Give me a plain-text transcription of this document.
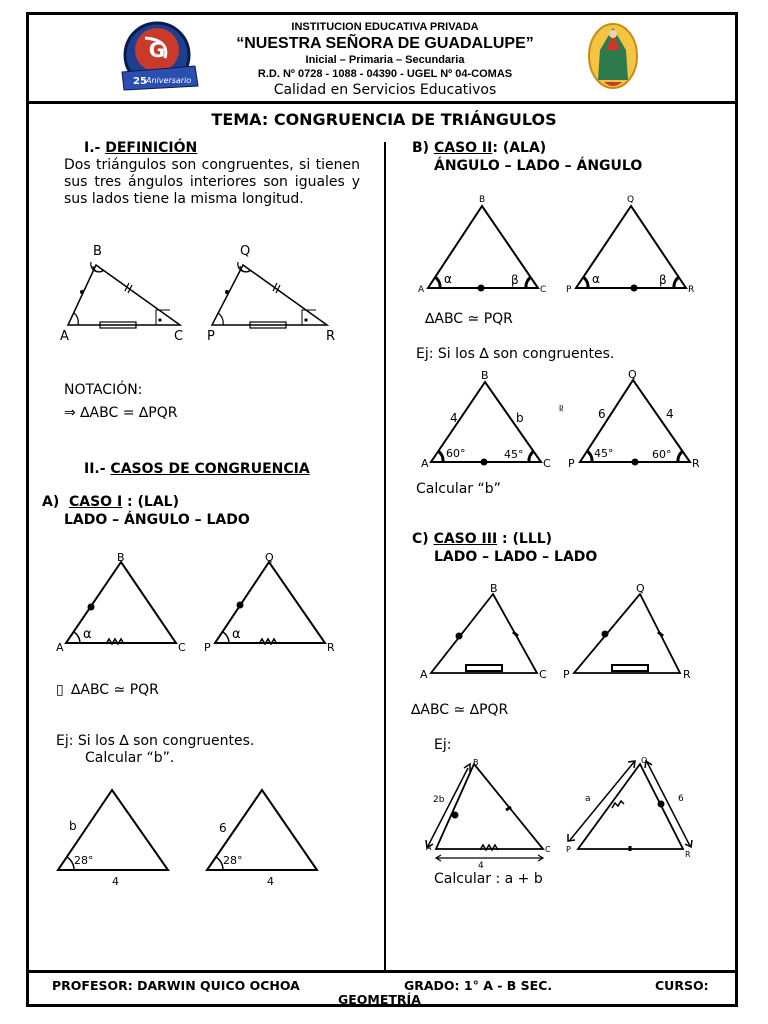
INSTITUCION EDUCATIVA PRIVADA
“NUESTRA SEÑORA DE GUADALUPE”
Inicial – Primaria – Secundaria
R.D. Nº 0728 - 1088 - 04390 - UGEL Nº 04-COMAS
Calidad en Servicios Educativos
G
25 Aniversario
TEMA: CONGRUENCIA DE TRIÁNGULOS
I.- DEFINICIÓN
Dos triángulos son congruentes, si tienen sus tres ángulos interiores son iguales y sus lados tiene la misma longitud.
NOTACIÓN:
⇒ ∆ABC = ∆PQR
II.- CASOS DE CONGRUENCIA
A) CASO I : (LAL)
LADO – ÁNGULO – LADO
▯ ∆ABC ≃ PQR
Ej: Si los ∆ son congruentes.
Calcular “b”.
B) CASO II: (ALA)
ÁNGULO – LADO – ÁNGULO
∆ABC ≃ PQR
Ej: Si los ∆ son congruentes.
Calcular “b”
C) CASO III : (LLL)
LADO – LADO – LADO
∆ABC ≃ ∆PQR
Ej:
Calcular : a + b
B
A	C
Q
P	R
α
B
A	C
α
Q
P	R
28°
b
4
28°
6
4
α	β
B
A	C
α	β
Q
P	R
60°	45°
4	b
B
A	C
≃
45°	60°
6	4
Q
P	R
B
A	C
Q
P	R
2b
4
B
A	C
a	6
Q
P
R
PROFESOR: DARWIN QUICO OCHOA	GRADO: 1° A - B SEC.	CURSO:
GEOMETRÍA
